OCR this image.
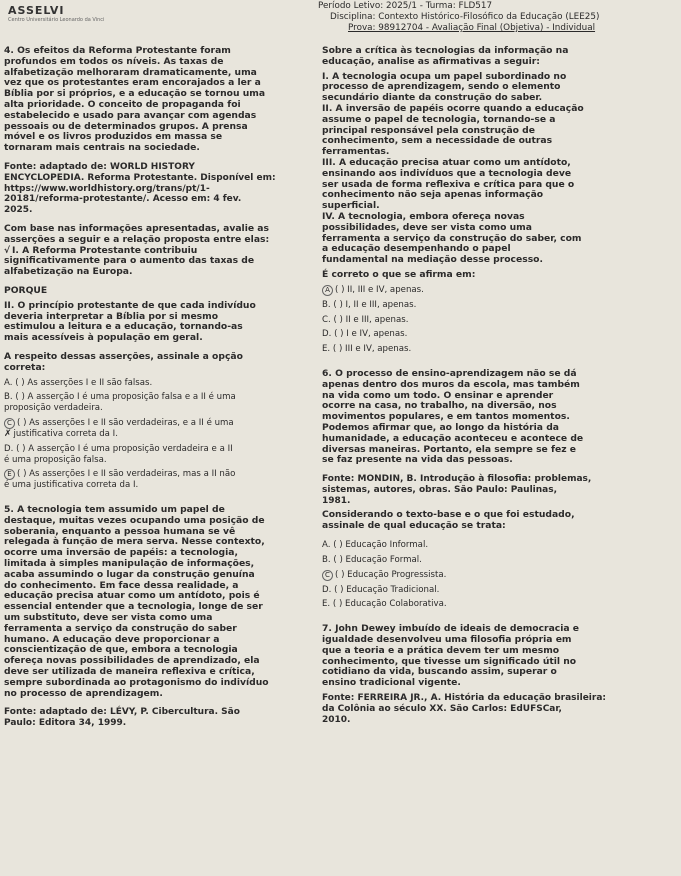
ASSELVI
Centro Universitário Leonardo da Vinci
Período Letivo: 2025/1 - Turma: FLD517
Disciplina: Contexto Histórico-Filosófico da Educação (LEE25)
Prova: 98912704 - Avaliação Final (Objetiva) - Individual

4. Os efeitos da Reforma Protestante foram

profundos em todos os níveis. As taxas de

alfabetização melhoraram dramaticamente, uma

vez que os protestantes eram encorajados a ler a

Bíblia por si próprios, e a educação se tornou uma

alta prioridade. O conceito de propaganda foi

estabelecido e usado para avançar com agendas

pessoais ou de determinados grupos. A prensa

móvel e os livros produzidos em massa se

tornaram mais centrais na sociedade.

Fonte: adaptado de: WORLD HISTORY

ENCYCLOPEDIA. Reforma Protestante. Disponível em:

https://www.worldhistory.org/trans/pt/1-

20181/reforma-protestante/. Acesso em: 4 fev.

2025.

Com base nas informações apresentadas, avalie as

asserções a seguir e a relação proposta entre elas:

√ I. A Reforma Protestante contribuiu

significativamente para o aumento das taxas de

alfabetização na Europa.

PORQUE

II. O princípio protestante de que cada indivíduo

deveria interpretar a Bíblia por si mesmo

estimulou a leitura e a educação, tornando-as

mais acessíveis à população em geral.

A respeito dessas asserções, assinale a opção

correta:

A. ( ) As asserções I e II são falsas.

B. ( ) A asserção I é uma proposição falsa e a II é uma

proposição verdadeira.

C ( ) As asserções I e II são verdadeiras, e a II é uma

✗ justificativa correta da I.

D. ( ) A asserção I é uma proposição verdadeira e a II

é uma proposição falsa.

E ( ) As asserções I e II são verdadeiras, mas a II não

é uma justificativa correta da I.

5. A tecnologia tem assumido um papel de

destaque, muitas vezes ocupando uma posição de

soberania, enquanto a pessoa humana se vê

relegada à função de mera serva. Nesse contexto,

ocorre uma inversão de papéis: a tecnologia,

limitada à simples manipulação de informações,

acaba assumindo o lugar da construção genuína

do conhecimento. Em face dessa realidade, a

educação precisa atuar como um antídoto, pois é

essencial entender que a tecnologia, longe de ser

um substituto, deve ser vista como uma

ferramenta a serviço da construção do saber

humano. A educação deve proporcionar a

conscientização de que, embora a tecnologia

ofereça novas possibilidades de aprendizado, ela

deve ser utilizada de maneira reflexiva e crítica,

sempre subordinada ao protagonismo do indivíduo

no processo de aprendizagem.

Fonte: adaptado de: LÉVY, P. Cibercultura. São

Paulo: Editora 34, 1999.

Sobre a crítica às tecnologias da informação na

educação, analise as afirmativas a seguir:

I. A tecnologia ocupa um papel subordinado no

processo de aprendizagem, sendo o elemento

secundário diante da construção do saber.

II. A inversão de papéis ocorre quando a educação

assume o papel de tecnologia, tornando-se a

principal responsável pela construção de

conhecimento, sem a necessidade de outras

ferramentas.

III. A educação precisa atuar como um antídoto,

ensinando aos indivíduos que a tecnologia deve

ser usada de forma reflexiva e crítica para que o

conhecimento não seja apenas informação

superficial.

IV. A tecnologia, embora ofereça novas

possibilidades, deve ser vista como uma

ferramenta a serviço da construção do saber, com

a educação desempenhando o papel

fundamental na mediação desse processo.

É correto o que se afirma em:

A ( ) II, III e IV, apenas.

B. ( ) I, II e III, apenas.

C. ( ) II e III, apenas.

D. ( ) I e IV, apenas.

E. ( ) III e IV, apenas.

6. O processo de ensino-aprendizagem não se dá

apenas dentro dos muros da escola, mas também

na vida como um todo. O ensinar e aprender

ocorre na casa, no trabalho, na diversão, nos

movimentos populares, e em tantos momentos.

Podemos afirmar que, ao longo da história da

humanidade, a educação aconteceu e acontece de

diversas maneiras. Portanto, ela sempre se fez e

se faz presente na vida das pessoas.

Fonte: MONDIN, B. Introdução à filosofia: problemas,

sistemas, autores, obras. São Paulo: Paulinas,

1981.

Considerando o texto-base e o que foi estudado,

assinale de qual educação se trata:

A. ( ) Educação Informal.

B. ( ) Educação Formal.

C ( ) Educação Progressista.

D. ( ) Educação Tradicional.

E. ( ) Educação Colaborativa.

7. John Dewey imbuído de ideais de democracia e

igualdade desenvolveu uma filosofia própria em

que a teoria e a prática devem ter um mesmo

conhecimento, que tivesse um significado útil no

cotidiano da vida, buscando assim, superar o

ensino tradicional vigente.

Fonte: FERREIRA JR., A. História da educação brasileira:

da Colônia ao século XX. São Carlos: EdUFSCar,

2010.
